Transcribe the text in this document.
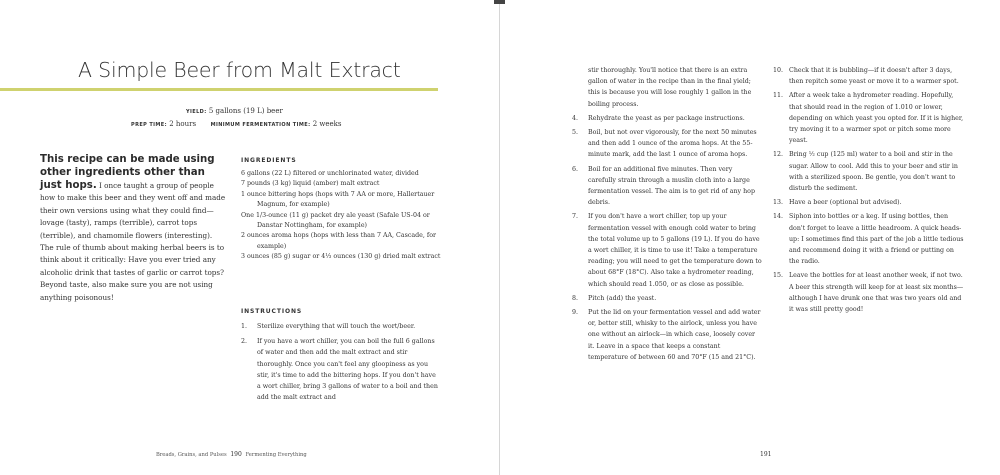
A Simple Beer from Malt Extract
YIELD: 5 gallons (19 L) beer
PREP TIME: 2 hours	MINIMUM FERMENTATION TIME: 2 weeks
This recipe can be made using other ingredients other than just hops. I once taught a group of people how to make this beer and they went off and made their own versions using what they could find—lovage (tasty), ramps (terrible), carrot tops (terrible), and chamomile flowers (interesting). The rule of thumb about making herbal beers is to think about it critically: Have you ever tried any alcoholic drink that tastes of garlic or carrot tops? Beyond taste, also make sure you are not using anything poisonous!
INGREDIENTS
6 gallons (22 L) filtered or unchlorinated water, divided
7 pounds (3 kg) liquid (amber) malt extract
1 ounce bittering hops (hops with 7 AA or more, Hallertauer Magnum, for example)
One 1/3-ounce (11 g) packet dry ale yeast (Safale US-04 or Danstar Nottingham, for example)
2 ounces aroma hops (hops with less than 7 AA, Cascade, for example)
3 ounces (85 g) sugar or 4⅓ ounces (130 g) dried malt extract
INSTRUCTIONS
1. Sterilize everything that will touch the wort/beer.
2. If you have a wort chiller, you can boil the full 6 gallons of water and then add the malt extract and stir thoroughly. Once you can't feel any gloopiness as you stir, it's time to add the bittering hops. If you don't have a wort chiller, bring 3 gallons of water to a boil and then add the malt extract and
Breads, Grains, and Pulses 190 Fermenting Everything

stir thoroughly. You'll notice that there is an extra gallon of water in the recipe than in the final yield; this is because you will lose roughly 1 gallon in the boiling process.

4. Rehydrate the yeast as per package instructions.
5. Boil, but not over vigorously, for the next 50 minutes and then add 1 ounce of the aroma hops. At the 55-minute mark, add the last 1 ounce of aroma hops.
6. Boil for an additional five minutes. Then very carefully strain through a muslin cloth into a large fermentation vessel. The aim is to get rid of any hop debris.
7. If you don't have a wort chiller, top up your fermentation vessel with enough cold water to bring the total volume up to 5 gallons (19 L). If you do have a wort chiller, it is time to use it! Take a temperature reading; you will need to get the temperature down to about 68°F (18°C). Also take a hydrometer reading, which should read 1.050, or as close as possible.
8. Pitch (add) the yeast.
9. Put the lid on your fermentation vessel and add water or, better still, whisky to the airlock, unless you have one without an airlock—in which case, loosely cover it. Leave in a space that keeps a constant temperature of between 60 and 70°F (15 and 21°C).
10. Check that it is bubbling—if it doesn't after 3 days, then repitch some yeast or move it to a warmer spot.
11. After a week take a hydrometer reading. Hopefully, that should read in the region of 1.010 or lower, depending on which yeast you opted for. If it is higher, try moving it to a warmer spot or pitch some more yeast.
12. Bring ½ cup (125 ml) water to a boil and stir in the sugar. Allow to cool. Add this to your beer and stir in with a sterilized spoon. Be gentle, you don't want to disturb the sediment.
13. Have a beer (optional but advised).
14. Siphon into bottles or a keg. If using bottles, then don't forget to leave a little headroom. A quick heads-up: I sometimes find this part of the job a little tedious and recommend doing it with a friend or putting on the radio.
15. Leave the bottles for at least another week, if not two. A beer this strength will keep for at least six months—although I have drunk one that was two years old and it was still pretty good!
191
